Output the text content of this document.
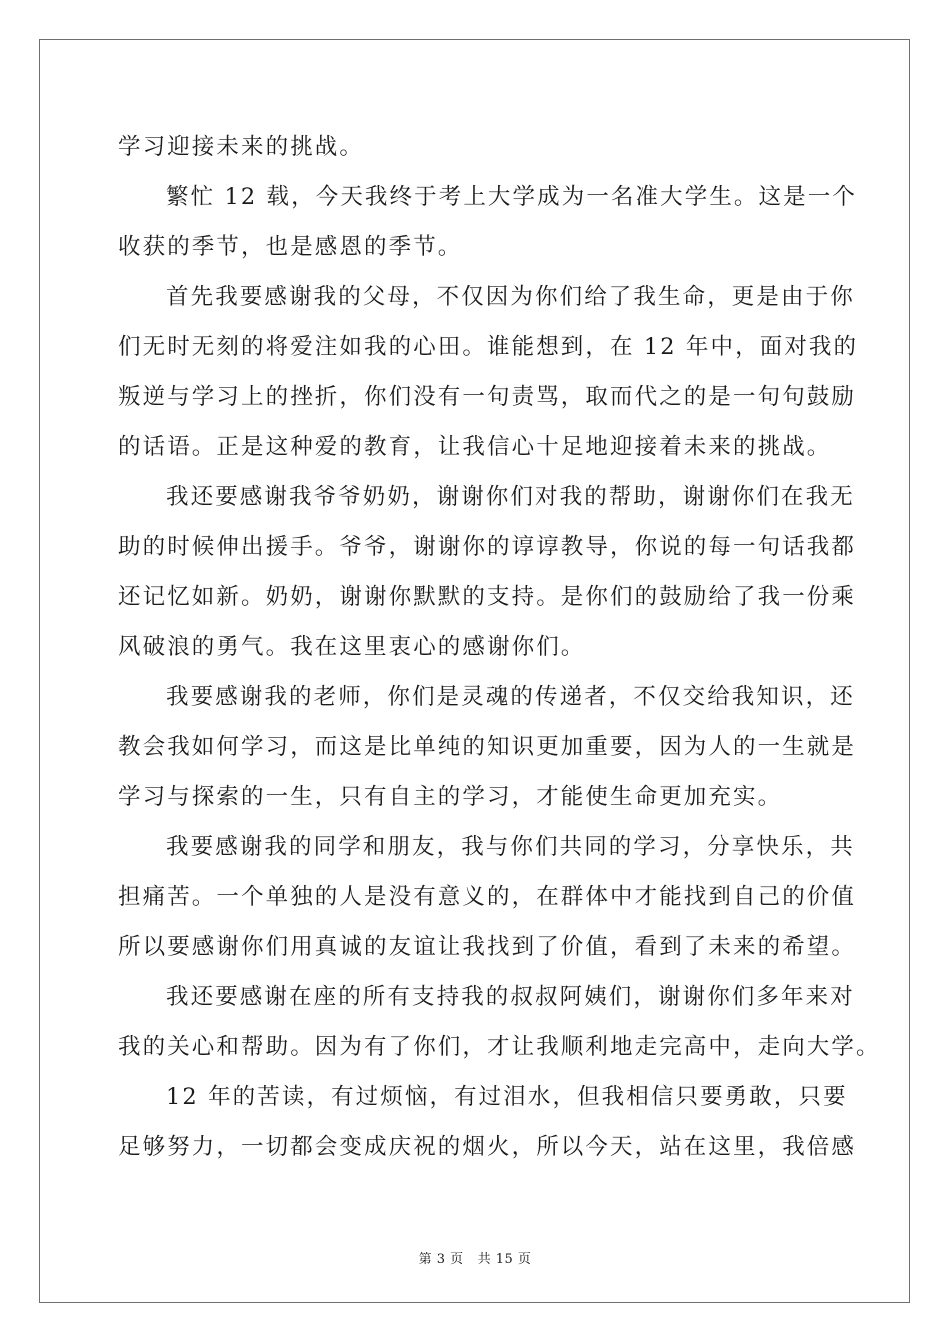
学习迎接未来的挑战。
繁忙 12 载，今天我终于考上大学成为一名准大学生。这是一个
收获的季节，也是感恩的季节。
首先我要感谢我的父母，不仅因为你们给了我生命，更是由于你
们无时无刻的将爱注如我的心田。谁能想到，在 12 年中，面对我的
叛逆与学习上的挫折，你们没有一句责骂，取而代之的是一句句鼓励
的话语。正是这种爱的教育，让我信心十足地迎接着未来的挑战。
我还要感谢我爷爷奶奶，谢谢你们对我的帮助，谢谢你们在我无
助的时候伸出援手。爷爷，谢谢你的谆谆教导，你说的每一句话我都
还记忆如新。奶奶，谢谢你默默的支持。是你们的鼓励给了我一份乘
风破浪的勇气。我在这里衷心的感谢你们。
我要感谢我的老师，你们是灵魂的传递者，不仅交给我知识，还
教会我如何学习，而这是比单纯的知识更加重要，因为人的一生就是
学习与探索的一生，只有自主的学习，才能使生命更加充实。
我要感谢我的同学和朋友，我与你们共同的学习，分享快乐，共
担痛苦。一个单独的人是没有意义的，在群体中才能找到自己的价值
所以要感谢你们用真诚的友谊让我找到了价值，看到了未来的希望。
我还要感谢在座的所有支持我的叔叔阿姨们，谢谢你们多年来对
我的关心和帮助。因为有了你们，才让我顺利地走完高中，走向大学。
12 年的苦读，有过烦恼，有过泪水，但我相信只要勇敢，只要
足够努力，一切都会变成庆祝的烟火，所以今天，站在这里，我倍感
第 3 页 共 15 页
